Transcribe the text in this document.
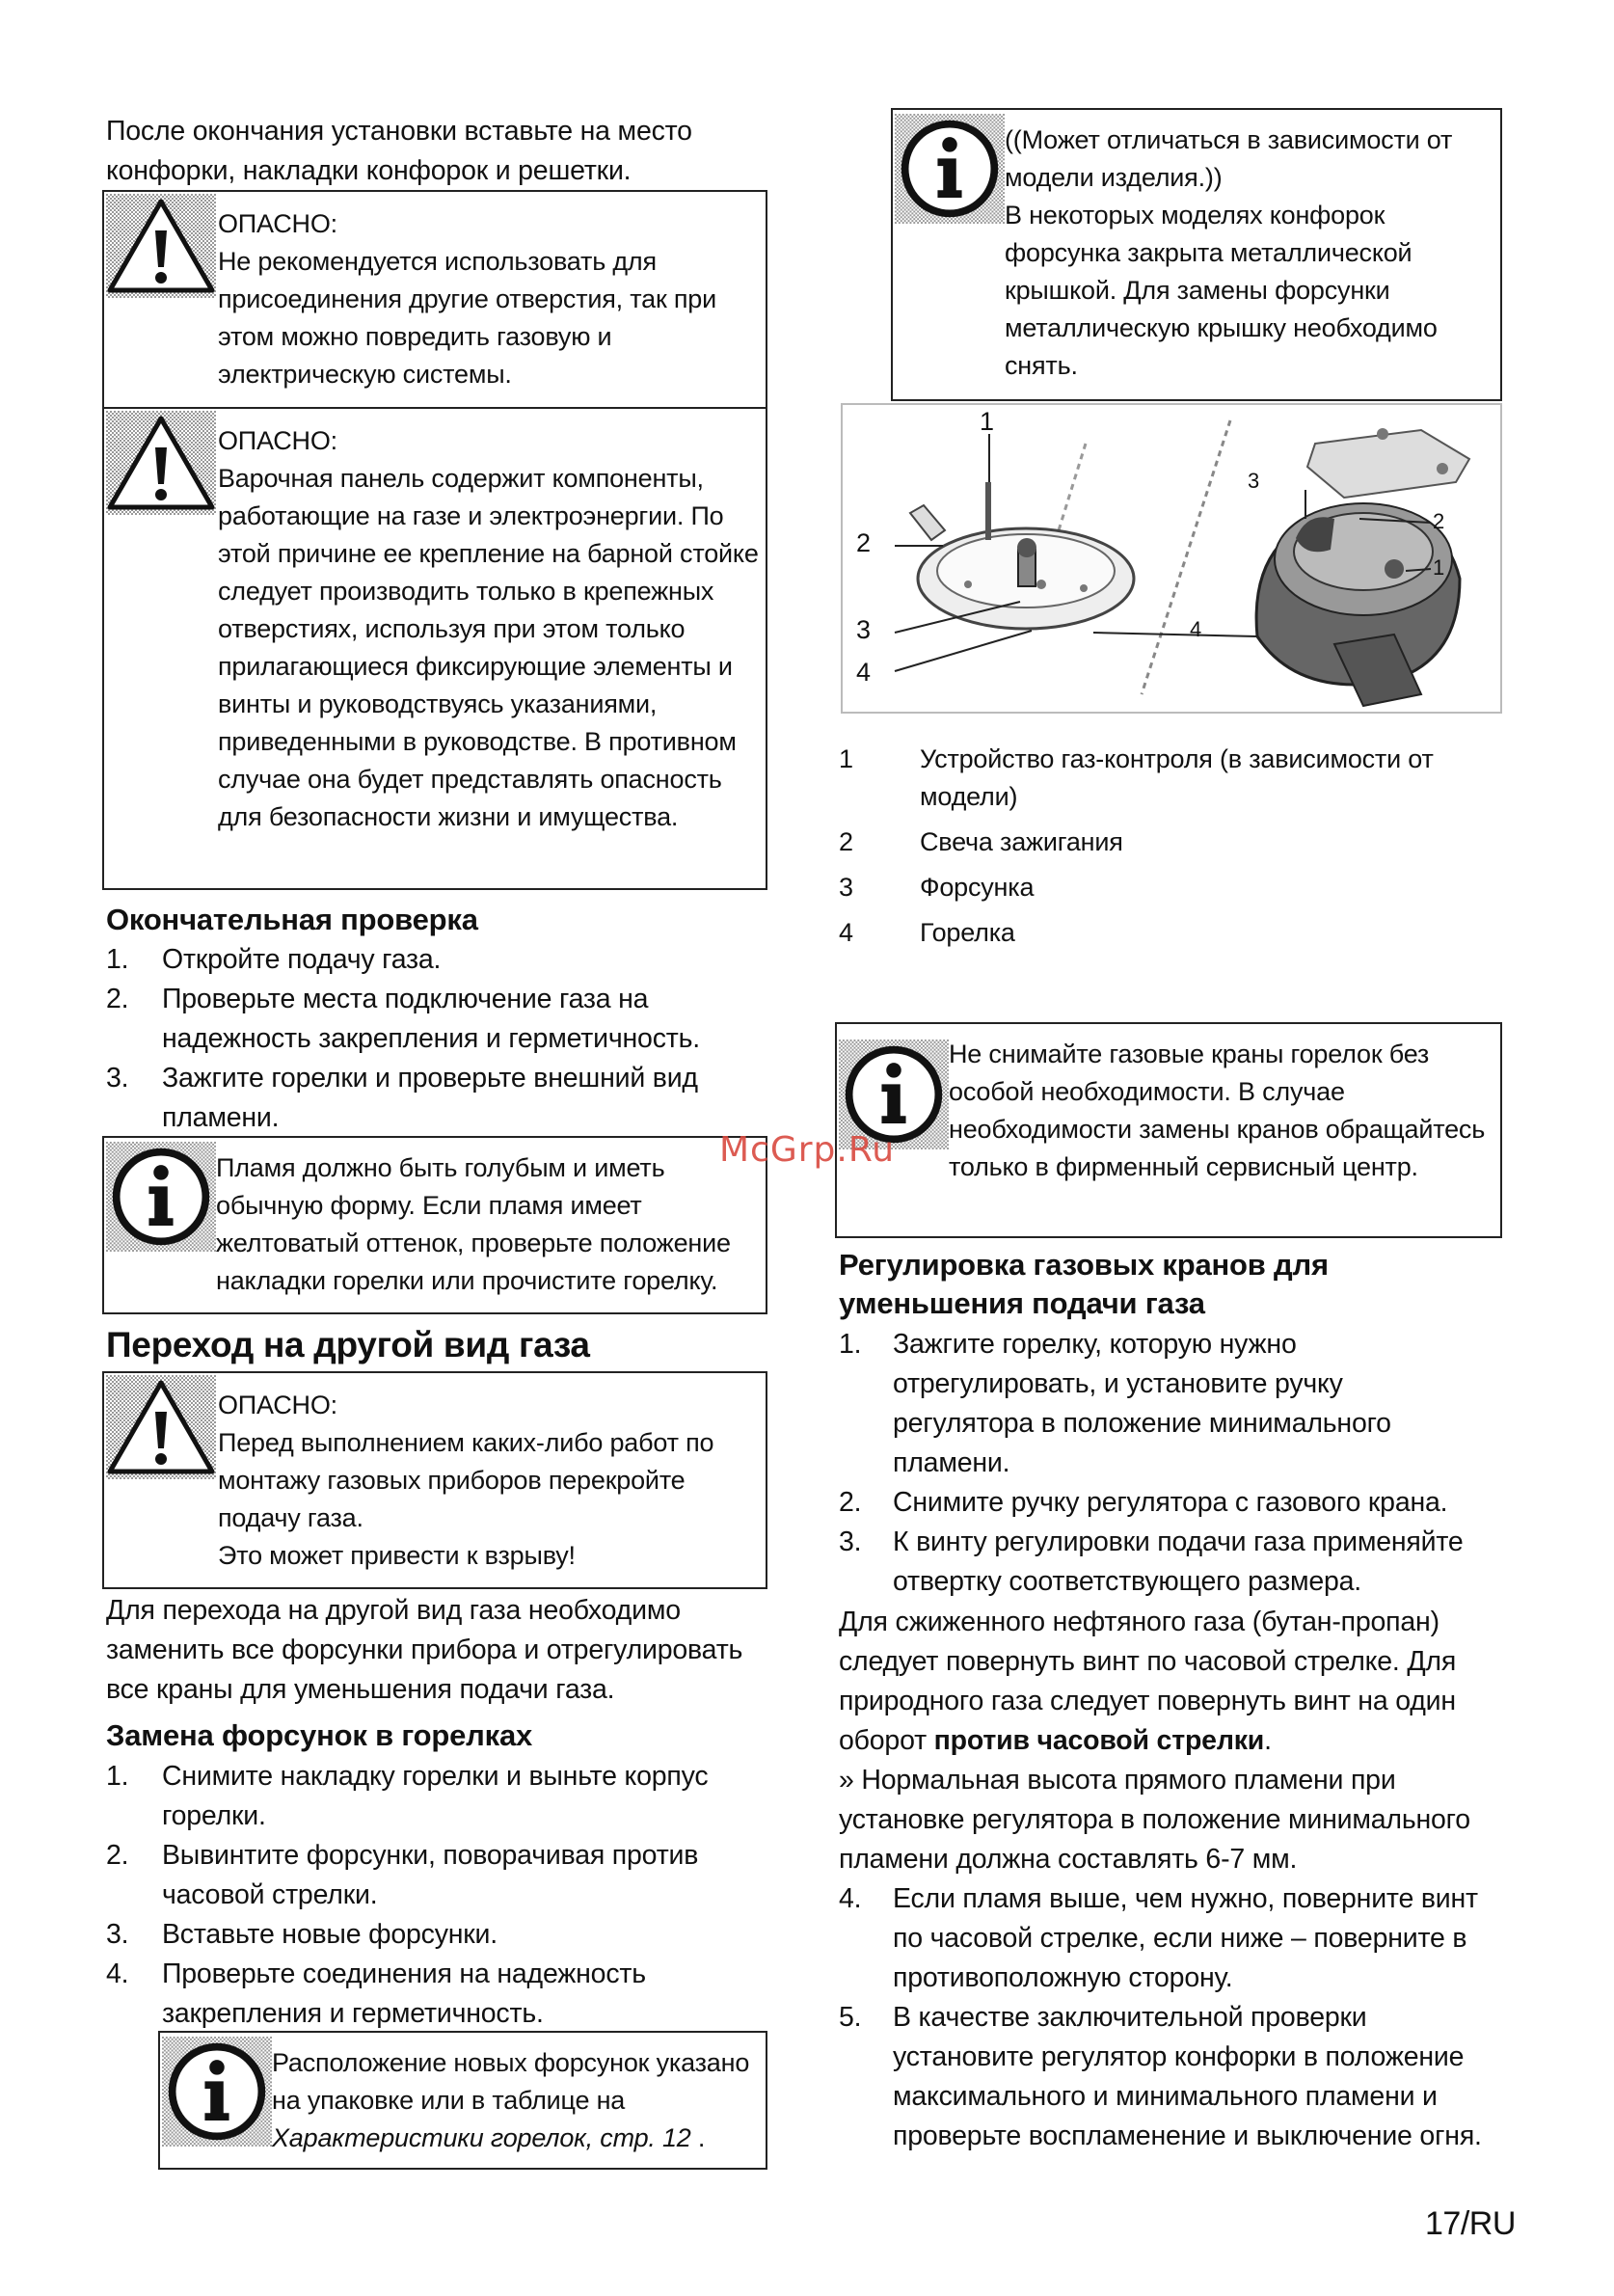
После окончания установки вставьте на место конфорки, накладки конфорок и решетки.
ОПАСНО:
Не рекомендуется использовать для присоединения другие отверстия, так при этом можно повредить газовую и электрическую системы.
ОПАСНО:
Варочная панель содержит компоненты, работающие на газе и электроэнергии. По этой причине ее крепление на барной стойке следует производить только в крепежных отверстиях, используя при этом только прилагающиеся фиксирующие элементы и винты и руководствуясь указаниями, приведенными в руководстве. В противном случае она будет представлять опасность для безопасности жизни и имущества.
Окончательная проверка
1.	Откройте подачу газа.
2.	Проверьте места подключение газа на надежность закрепления и герметичность.
3.	Зажгите горелки и проверьте внешний вид пламени.
Пламя должно быть голубым и иметь обычную форму. Если пламя имеет желтоватый оттенок, проверьте положение накладки горелки или прочистите горелку.
Переход на другой вид газа
ОПАСНО:
Перед выполнением каких-либо работ по монтажу газовых приборов перекройте подачу газа.
Это может привести к взрыву!
Для перехода на другой вид газа необходимо заменить все форсунки прибора и отрегулировать все краны для уменьшения подачи газа.
Замена форсунок в горелках
1.	Снимите накладку горелки и выньте корпус горелки.
2.	Вывинтите форсунки, поворачивая против часовой стрелки.
3.	Вставьте новые форсунки.
4.	Проверьте соединения на надежность закрепления и герметичность.
Расположение новых форсунок указано на упаковке или в таблице на Характеристики горелок, стр. 12 .
((Может отличаться в зависимости от модели изделия.))
В некоторых моделях конфорок форсунка закрыта металлической крышкой. Для замены форсунки металлическую крышку необходимо снять.
1
2
3
4
3
2
1
4
1	Устройство газ-контроля (в зависимости от модели)
2	Свеча зажигания
3	Форсунка
4	Горелка
Не снимайте газовые краны горелок без особой необходимости. В случае необходимости замены кранов обращайтесь только в фирменный сервисный центр.
Регулировка газовых кранов для уменьшения подачи газа
1.	Зажгите горелку, которую нужно отрегулировать, и установите ручку регулятора в положение минимального пламени.
2.	Снимите ручку регулятора с газового крана.
3.	К винту регулировки подачи газа применяйте отвертку соответствующего размера.
Для сжиженного нефтяного газа (бутан-пропан) следует повернуть винт по часовой стрелке. Для природного газа следует повернуть винт на один оборот против часовой стрелки.
» Нормальная высота прямого пламени при установке регулятора в положение минимального пламени должна составлять 6-7 мм.
4.	Если пламя выше, чем нужно, поверните винт по часовой стрелке, если ниже – поверните в противоположную сторону.
5.	В качестве заключительной проверки установите регулятор конфорки в положение максимального и минимального пламени и проверьте воспламенение и выключение огня.
McGrp.Ru
17/RU
